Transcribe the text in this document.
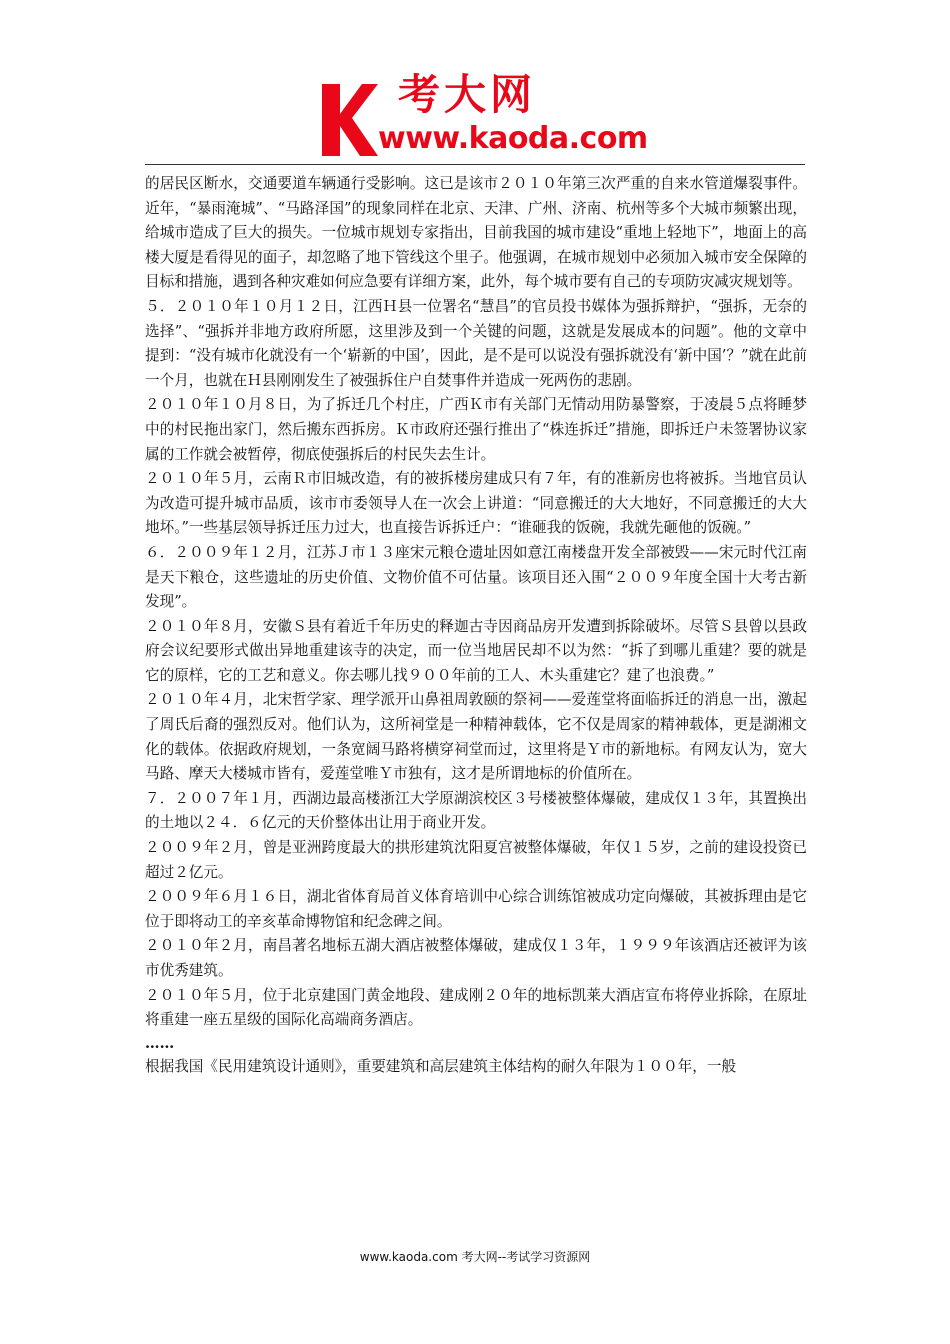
考大网
www.kaoda.com

的居民区断水，交通要道车辆通行受影响。这已是该市２０１０年第三次严重的自来水管道爆裂事件。近年，“暴雨淹城”、“马路泽国”的现象同样在北京、天津、广州、济南、杭州等多个大城市频繁出现，给城市造成了巨大的损失。一位城市规划专家指出，目前我国的城市建设“重地上轻地下”，地面上的高楼大厦是看得见的面子，却忽略了地下管线这个里子。他强调，在城市规划中必须加入城市安全保障的目标和措施，遇到各种灾难如何应急要有详细方案，此外，每个城市要有自己的专项防灾减灾规划等。

５．２０１０年１０月１２日，江西Ｈ县一位署名“慧昌”的官员投书媒体为强拆辩护，“强拆，无奈的选择”、“强拆并非地方政府所愿，这里涉及到一个关键的问题，这就是发展成本的问题”。他的文章中提到：“没有城市化就没有一个‘崭新的中国’，因此，是不是可以说没有强拆就没有‘新中国’？”就在此前一个月，也就在Ｈ县刚刚发生了被强拆住户自焚事件并造成一死两伤的悲剧。

２０１０年１０月８日，为了拆迁几个村庄，广西Ｋ市有关部门无情动用防暴警察，于凌晨５点将睡梦中的村民拖出家门，然后搬东西拆房。Ｋ市政府还强行推出了“株连拆迁”措施，即拆迁户未签署协议家属的工作就会被暂停，彻底使强拆后的村民失去生计。

２０１０年５月，云南Ｒ市旧城改造，有的被拆楼房建成只有７年，有的准新房也将被拆。当地官员认为改造可提升城市品质，该市市委领导人在一次会上讲道：“同意搬迁的大大地好，不同意搬迁的大大地坏。”一些基层领导拆迁压力过大，也直接告诉拆迁户：“谁砸我的饭碗，我就先砸他的饭碗。”

６．２００９年１２月，江苏Ｊ市１３座宋元粮仓遗址因如意江南楼盘开发全部被毁——宋元时代江南是天下粮仓，这些遗址的历史价值、文物价值不可估量。该项目还入围“２００９年度全国十大考古新发现”。

２０１０年８月，安徽Ｓ县有着近千年历史的释迦古寺因商品房开发遭到拆除破坏。尽管Ｓ县曾以县政府会议纪要形式做出异地重建该寺的决定，而一位当地居民却不以为然：“拆了到哪儿重建？要的就是它的原样，它的工艺和意义。你去哪儿找９００年前的工人、木头重建它？建了也浪费。”

２０１０年４月，北宋哲学家、理学派开山鼻祖周敦颐的祭祠——爱莲堂将面临拆迁的消息一出，激起了周氏后裔的强烈反对。他们认为，这所祠堂是一种精神载体，它不仅是周家的精神载体，更是湖湘文化的载体。依据政府规划，一条宽阔马路将横穿祠堂而过，这里将是Ｙ市的新地标。有网友认为，宽大马路、摩天大楼城市皆有，爱莲堂唯Ｙ市独有，这才是所谓地标的价值所在。

７．２００７年１月，西湖边最高楼浙江大学原湖滨校区３号楼被整体爆破，建成仅１３年，其置换出的土地以２４．６亿元的天价整体出让用于商业开发。

２００９年２月，曾是亚洲跨度最大的拱形建筑沈阳夏宫被整体爆破，年仅１５岁，之前的建设投资已超过２亿元。

２００９年６月１６日，湖北省体育局首义体育培训中心综合训练馆被成功定向爆破，其被拆理由是它位于即将动工的辛亥革命博物馆和纪念碑之间。

２０１０年２月，南昌著名地标五湖大酒店被整体爆破，建成仅１３年，１９９９年该酒店还被评为该市优秀建筑。

２０１０年５月，位于北京建国门黄金地段、建成刚２０年的地标凯莱大酒店宣布将停业拆除，在原址将重建一座五星级的国际化高端商务酒店。

……

根据我国《民用建筑设计通则》，重要建筑和高层建筑主体结构的耐久年限为１００年，一般

www.kaoda.com 考大网--考试学习资源网
